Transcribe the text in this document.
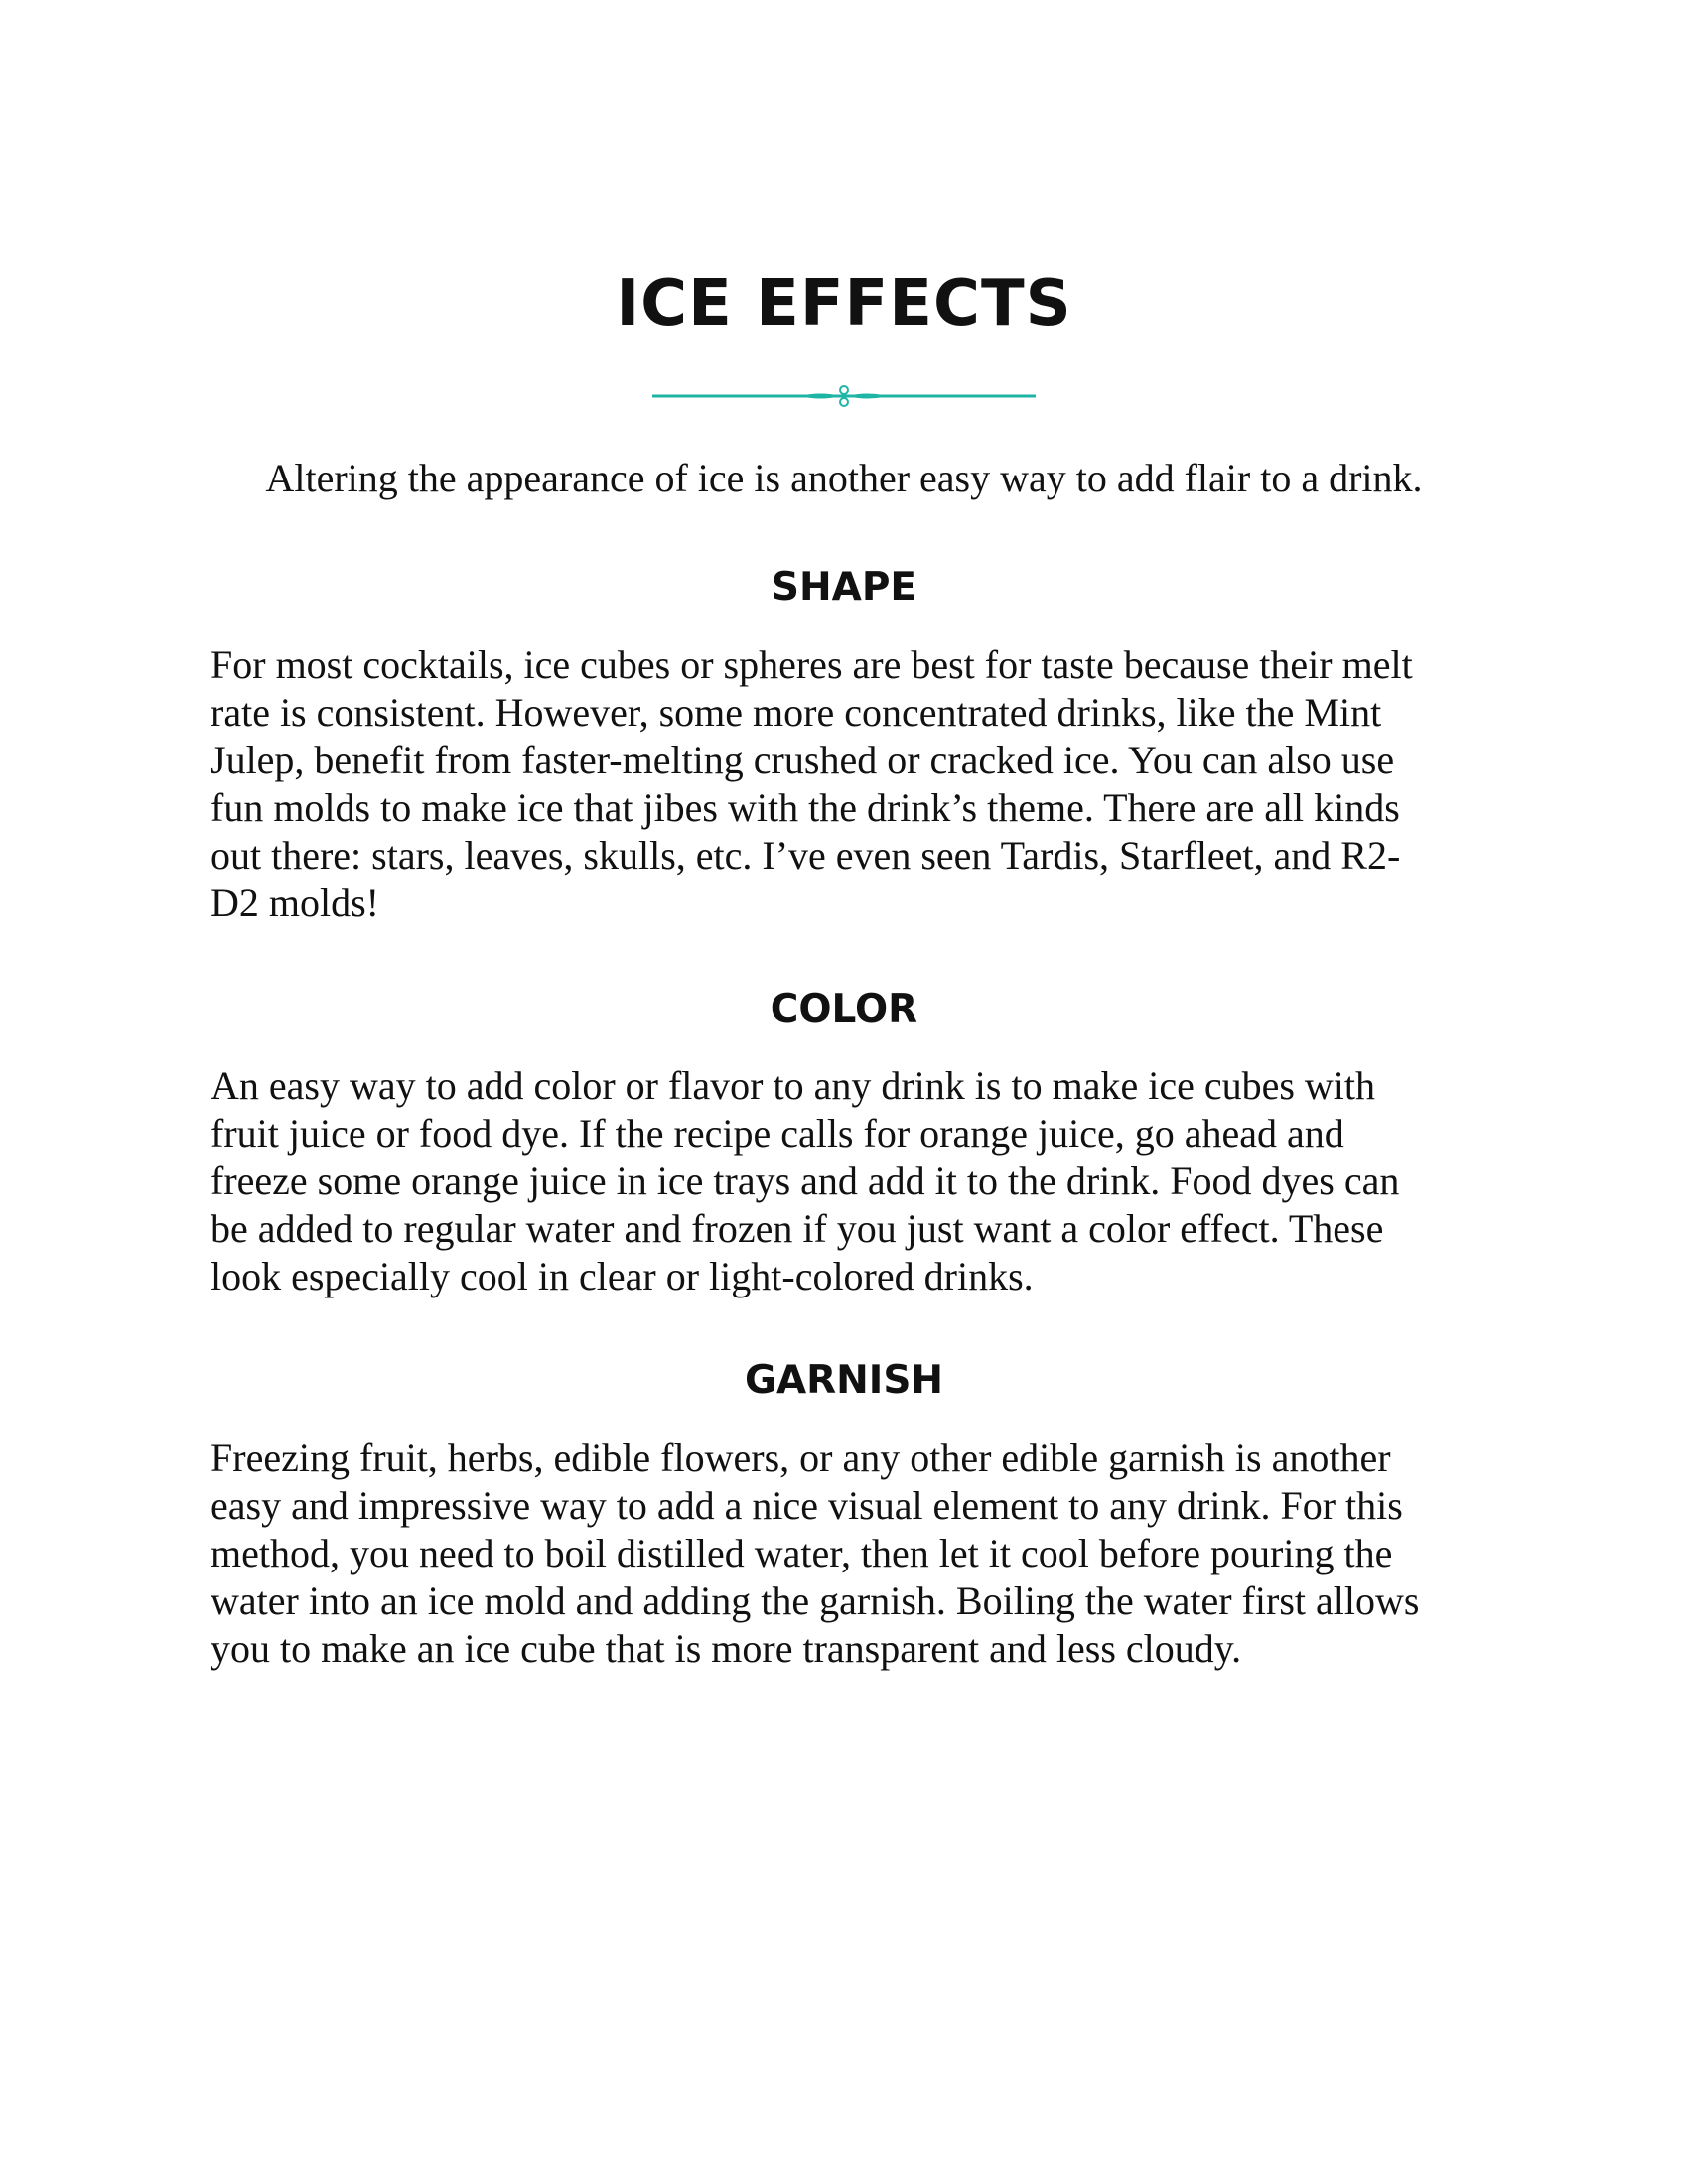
ICE EFFECTS

Altering the appearance of ice is another easy way to add flair to a drink.

SHAPE

For most cocktails, ice cubes or spheres are best for taste because their melt
rate is consistent. However, some more concentrated drinks, like the Mint
Julep, benefit from faster-melting crushed or cracked ice. You can also use
fun molds to make ice that jibes with the drink’s theme. There are all kinds
out there: stars, leaves, skulls, etc. I’ve even seen Tardis, Starfleet, and R2-
D2 molds!

COLOR

An easy way to add color or flavor to any drink is to make ice cubes with
fruit juice or food dye. If the recipe calls for orange juice, go ahead and
freeze some orange juice in ice trays and add it to the drink. Food dyes can
be added to regular water and frozen if you just want a color effect. These
look especially cool in clear or light-colored drinks.

GARNISH

Freezing fruit, herbs, edible flowers, or any other edible garnish is another
easy and impressive way to add a nice visual element to any drink. For this
method, you need to boil distilled water, then let it cool before pouring the
water into an ice mold and adding the garnish. Boiling the water first allows
you to make an ice cube that is more transparent and less cloudy.
